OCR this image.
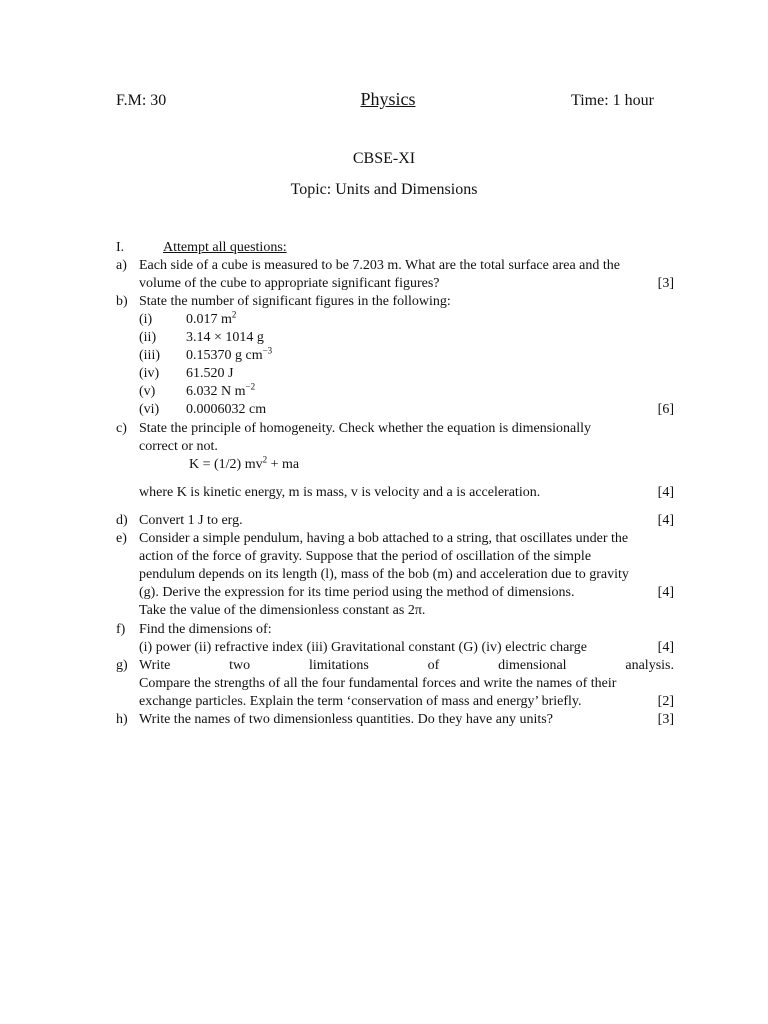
F.M: 30	Physics	Time: 1 hour
CBSE-XI
Topic: Units and Dimensions
I.	Attempt all questions:
a) Each side of a cube is measured to be 7.203 m. What are the total surface area and the
volume of the cube to appropriate significant figures?	[3]
b) State the number of significant figures in the following:
(i) 0.017 $m^2$
(ii) 3.14 × 1014 g
(iii) 0.15370 g $cm^{-3}$
(iv) 61.520 J
(v) 6.032 N $m^{-2}$
(vi) 0.0006032 cm	[6]
c) State the principle of homogeneity. Check whether the equation is dimensionally
correct or not.
K = (1/2) $mv^2$ + ma
where K is kinetic energy, m is mass, v is velocity and a is acceleration.	[4]
d) Convert 1 J to erg.	[4]
e) Consider a simple pendulum, having a bob attached to a string, that oscillates under the
action of the force of gravity. Suppose that the period of oscillation of the simple
pendulum depends on its length (l), mass of the bob (m) and acceleration due to gravity
(g). Derive the expression for its time period using the method of dimensions.	[4]
Take the value of the dimensionless constant as 2π.
f) Find the dimensions of:
(i) power (ii) refractive index (iii) Gravitational constant (G) (iv) electric charge	[4]
g) Write	two	limitations	of	dimensional	analysis.
Compare the strengths of all the four fundamental forces and write the names of their
exchange particles. Explain the term ‘conservation of mass and energy’ briefly.	[2]
h) Write the names of two dimensionless quantities. Do they have any units?	[3]
